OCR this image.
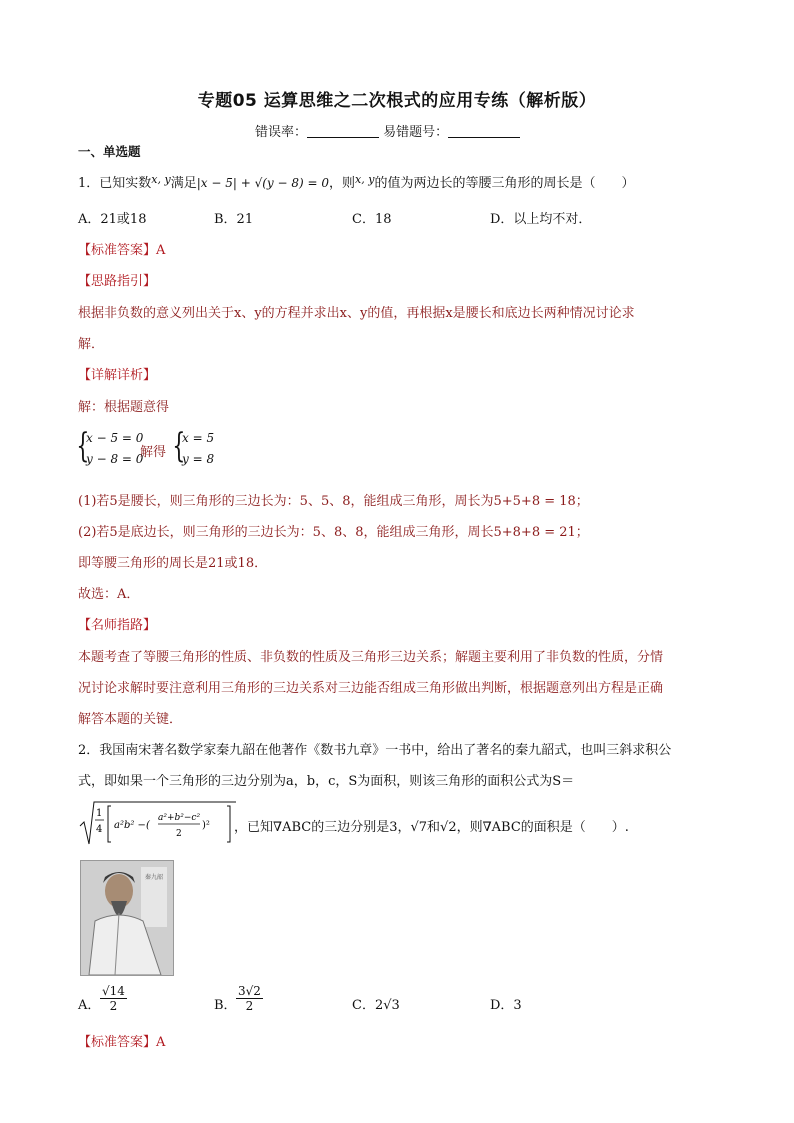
专题05 运算思维之二次根式的应用专练（解析版）
错误率：	易错题号：
一、单选题
1．已知实数$^{x, y}$满足|x − 5| + √(y − 8) = 0，则$^{x, y}$的值为两边长的等腰三角形的周长是（　　）
A．21或18	B．21	C．18	D．以上均不对．
【标准答案】A
【思路指引】
根据非负数的意义列出关于x、y的方程并求出x、y的值，再根据x是腰长和底边长两种情况讨论求
解．
【详解详析】
解：根据题意得
{
x − 5 = 0
y − 8 = 0
解得 {
x = 5
y = 8
(1)若5是腰长，则三角形的三边长为：5、5、8，能组成三角形，周长为5+5+8 = 18；
(2)若5是底边长，则三角形的三边长为：5、8、8，能组成三角形，周长5+8+8 = 21；
即等腰三角形的周长是21或18．
故选：A．
【名师指路】
本题考查了等腰三角形的性质、非负数的性质及三角形三边关系；解题主要利用了非负数的性质，分情
况讨论求解时要注意利用三角形的三边关系对三边能否组成三角形做出判断，根据题意列出方程是正确
解答本题的关键．
2．我国南宋著名数学家秦九韶在他著作《数书九章》一书中，给出了著名的秦九韶式，也叫三斜求积公
式，即如果一个三角形的三边分别为a，b，c，S为面积，则该三角形的面积公式为S＝
1
4 a²b² −(
a²+b²−c²
2
)² ，已知∇ABC的三边分别是3，√7和√2，则∇ABC的面积是（　　）.
秦九韶
A． $\frac{√14}{2}$	B． $\frac{3√2}{2}$	C．2√3	D．3
【标准答案】A
